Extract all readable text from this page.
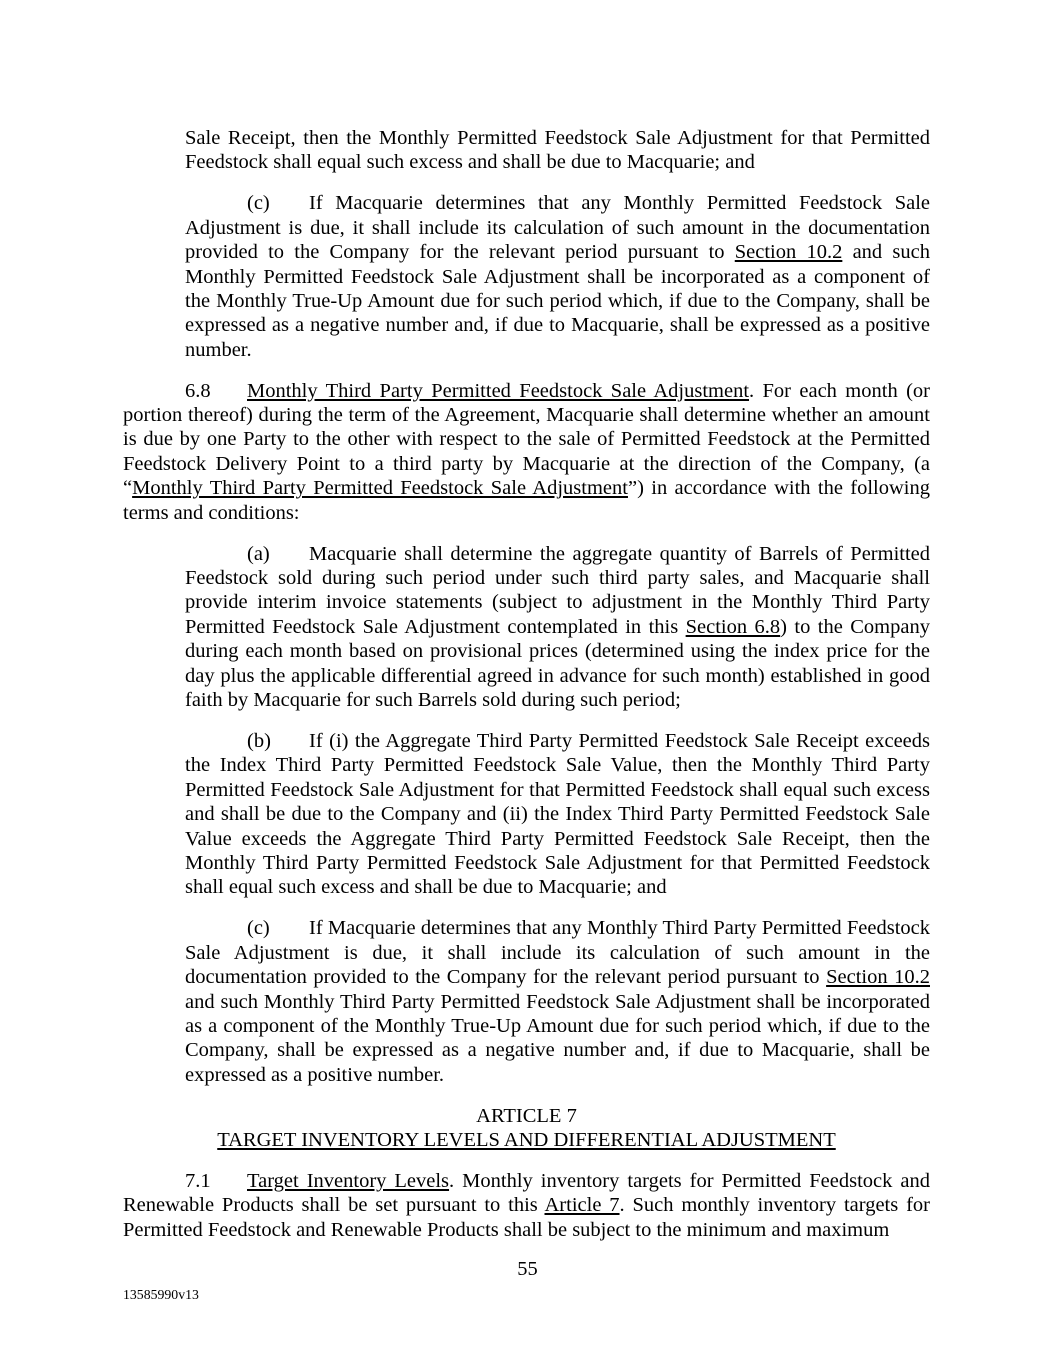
Sale Receipt, then the Monthly Permitted Feedstock Sale Adjustment for that Permitted Feedstock shall equal such excess and shall be due to Macquarie; and

(c) If Macquarie determines that any Monthly Permitted Feedstock Sale Adjustment is due, it shall include its calculation of such amount in the documentation provided to the Company for the relevant period pursuant to Section 10.2 and such Monthly Permitted Feedstock Sale Adjustment shall be incorporated as a component of the Monthly True-Up Amount due for such period which, if due to the Company, shall be expressed as a negative number and, if due to Macquarie, shall be expressed as a positive number.

6.8 Monthly Third Party Permitted Feedstock Sale Adjustment. For each month (or portion thereof) during the term of the Agreement, Macquarie shall determine whether an amount is due by one Party to the other with respect to the sale of Permitted Feedstock at the Permitted Feedstock Delivery Point to a third party by Macquarie at the direction of the Company, (a “Monthly Third Party Permitted Feedstock Sale Adjustment”) in accordance with the following terms and conditions:

(a) Macquarie shall determine the aggregate quantity of Barrels of Permitted Feedstock sold during such period under such third party sales, and Macquarie shall provide interim invoice statements (subject to adjustment in the Monthly Third Party Permitted Feedstock Sale Adjustment contemplated in this Section 6.8) to the Company during each month based on provisional prices (determined using the index price for the day plus the applicable differential agreed in advance for such month) established in good faith by Macquarie for such Barrels sold during such period;

(b) If (i) the Aggregate Third Party Permitted Feedstock Sale Receipt exceeds the Index Third Party Permitted Feedstock Sale Value, then the Monthly Third Party Permitted Feedstock Sale Adjustment for that Permitted Feedstock shall equal such excess and shall be due to the Company and (ii) the Index Third Party Permitted Feedstock Sale Value exceeds the Aggregate Third Party Permitted Feedstock Sale Receipt, then the Monthly Third Party Permitted Feedstock Sale Adjustment for that Permitted Feedstock shall equal such excess and shall be due to Macquarie; and

(c) If Macquarie determines that any Monthly Third Party Permitted Feedstock Sale Adjustment is due, it shall include its calculation of such amount in the documentation provided to the Company for the relevant period pursuant to Section 10.2 and such Monthly Third Party Permitted Feedstock Sale Adjustment shall be incorporated as a component of the Monthly True-Up Amount due for such period which, if due to the Company, shall be expressed as a negative number and, if due to Macquarie, shall be expressed as a positive number.

ARTICLE 7

TARGET INVENTORY LEVELS AND DIFFERENTIAL ADJUSTMENT

7.1 Target Inventory Levels. Monthly inventory targets for Permitted Feedstock and Renewable Products shall be set pursuant to this Article 7. Such monthly inventory targets for Permitted Feedstock and Renewable Products shall be subject to the minimum and maximum

55
13585990v13
